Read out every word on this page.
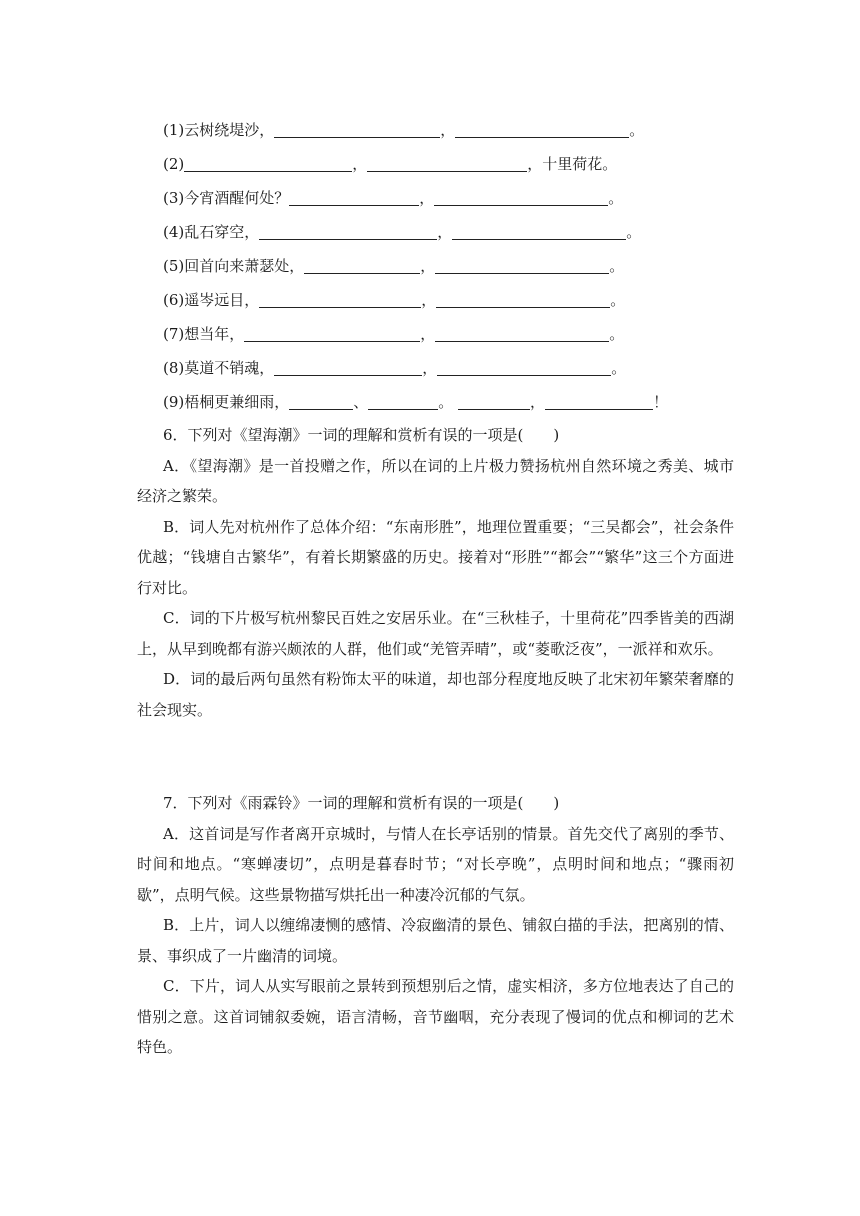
(1)云树绕堤沙，	，	。
(2)	，	，十里荷花。
(3)今宵酒醒何处？	，	。
(4)乱石穿空，	，	。
(5)回首向来萧瑟处，	，	。
(6)遥岑远目，	，	。
(7)想当年，	，	。
(8)莫道不销魂，	，	。
(9)梧桐更兼细雨，	、	。	，	！

6．下列对《望海潮》一词的理解和赏析有误的一项是(　　)

A．《望海潮》是一首投赠之作，所以在词的上片极力赞扬杭州自然环境之秀美、城市经济之繁荣。

B．词人先对杭州作了总体介绍：“东南形胜”，地理位置重要；“三吴都会”，社会条件优越；“钱塘自古繁华”，有着长期繁盛的历史。接着对“形胜”“都会”“繁华”这三个方面进行对比。

C．词的下片极写杭州黎民百姓之安居乐业。在“三秋桂子，十里荷花”四季皆美的西湖上，从早到晚都有游兴颇浓的人群，他们或“羌管弄晴”，或“菱歌泛夜”，一派祥和欢乐。

D．词的最后两句虽然有粉饰太平的味道，却也部分程度地反映了北宋初年繁荣奢靡的社会现实。

7．下列对《雨霖铃》一词的理解和赏析有误的一项是(　　)

A．这首词是写作者离开京城时，与情人在长亭话别的情景。首先交代了离别的季节、时间和地点。“寒蝉凄切”，点明是暮春时节；“对长亭晚”，点明时间和地点；“骤雨初歇”，点明气候。这些景物描写烘托出一种凄冷沉郁的气氛。

B．上片，词人以缠绵凄恻的感情、冷寂幽清的景色、铺叙白描的手法，把离别的情、景、事织成了一片幽清的词境。

C．下片，词人从实写眼前之景转到预想别后之情，虚实相济，多方位地表达了自己的惜别之意。这首词铺叙委婉，语言清畅，音节幽咽，充分表现了慢词的优点和柳词的艺术特色。
